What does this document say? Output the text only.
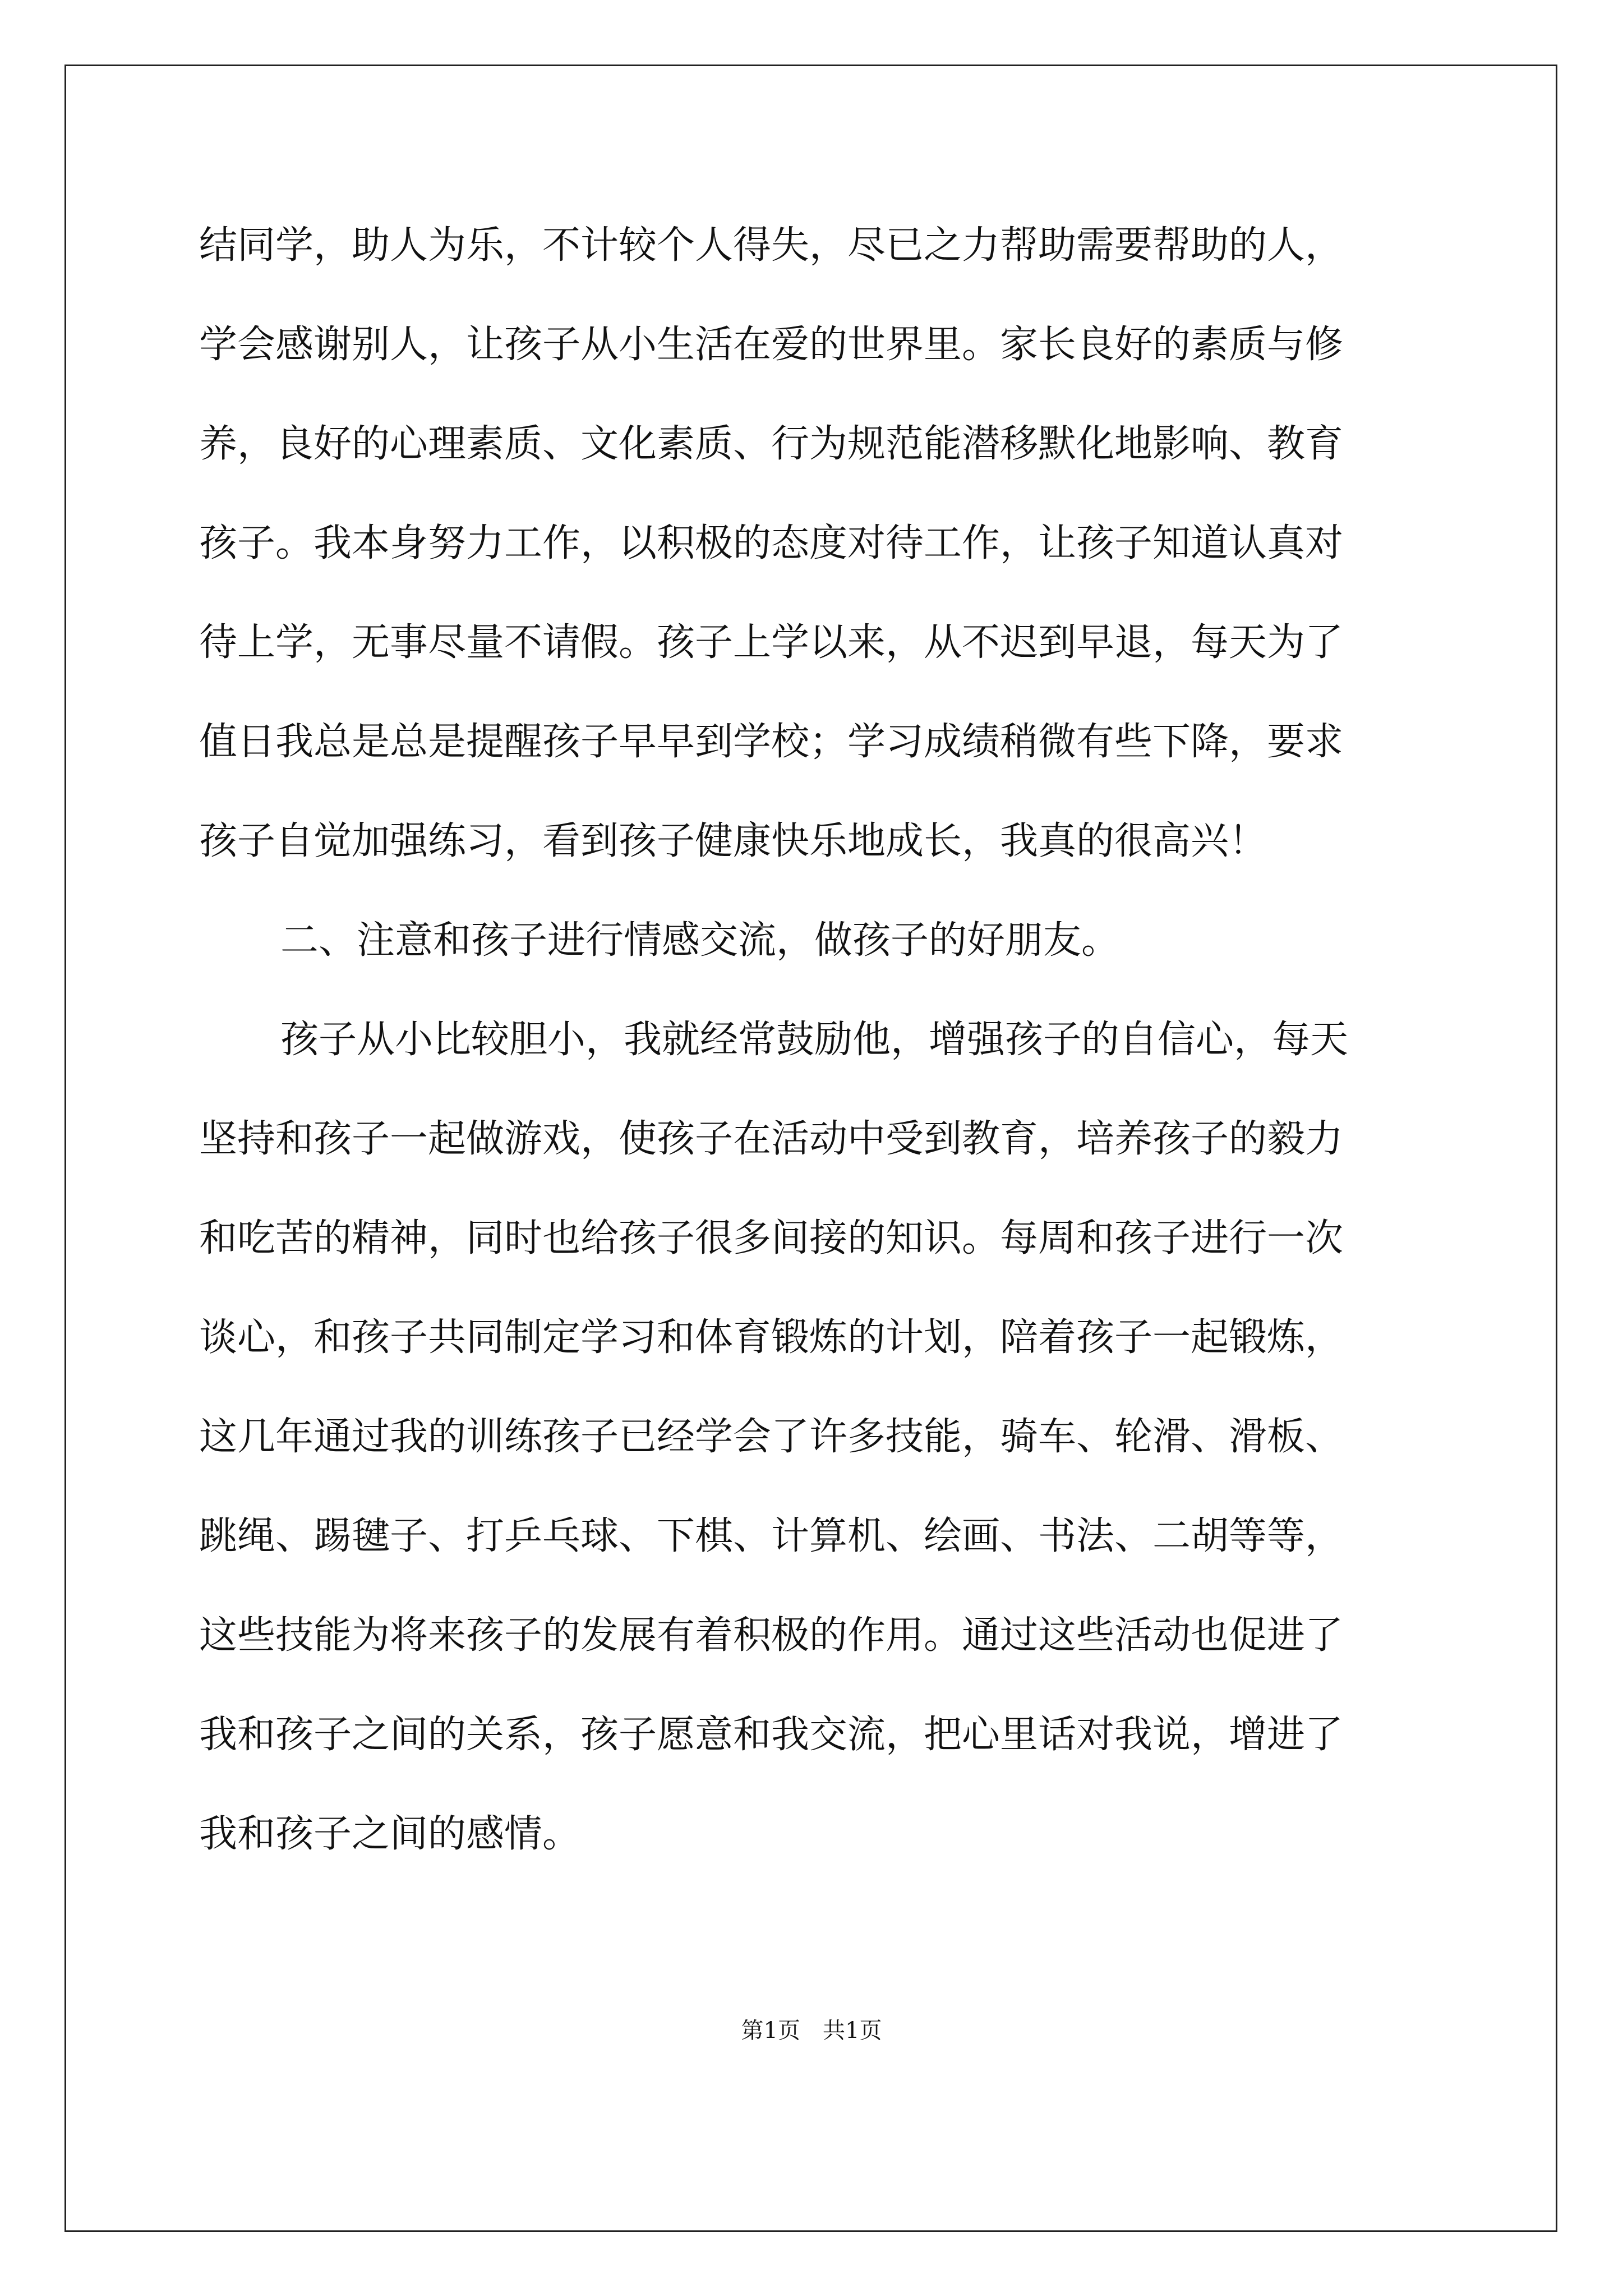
结同学，助人为乐，不计较个人得失，尽已之力帮助需要帮助的人，

学会感谢别人，让孩子从小生活在爱的世界里。家长良好的素质与修

养，良好的心理素质、文化素质、行为规范能潜移默化地影响、教育

孩子。我本身努力工作，以积极的态度对待工作，让孩子知道认真对

待上学，无事尽量不请假。孩子上学以来，从不迟到早退，每天为了

值日我总是总是提醒孩子早早到学校；学习成绩稍微有些下降，要求

孩子自觉加强练习，看到孩子健康快乐地成长，我真的很高兴！

二、注意和孩子进行情感交流，做孩子的好朋友。

孩子从小比较胆小，我就经常鼓励他，增强孩子的自信心，每天

坚持和孩子一起做游戏，使孩子在活动中受到教育，培养孩子的毅力

和吃苦的精神，同时也给孩子很多间接的知识。每周和孩子进行一次

谈心，和孩子共同制定学习和体育锻炼的计划，陪着孩子一起锻炼，

这几年通过我的训练孩子已经学会了许多技能，骑车、轮滑、滑板、

跳绳、踢毽子、打乒乓球、下棋、计算机、绘画、书法、二胡等等，

这些技能为将来孩子的发展有着积极的作用。通过这些活动也促进了

我和孩子之间的关系，孩子愿意和我交流，把心里话对我说，增进了

我和孩子之间的感情。

第1页　共1页
